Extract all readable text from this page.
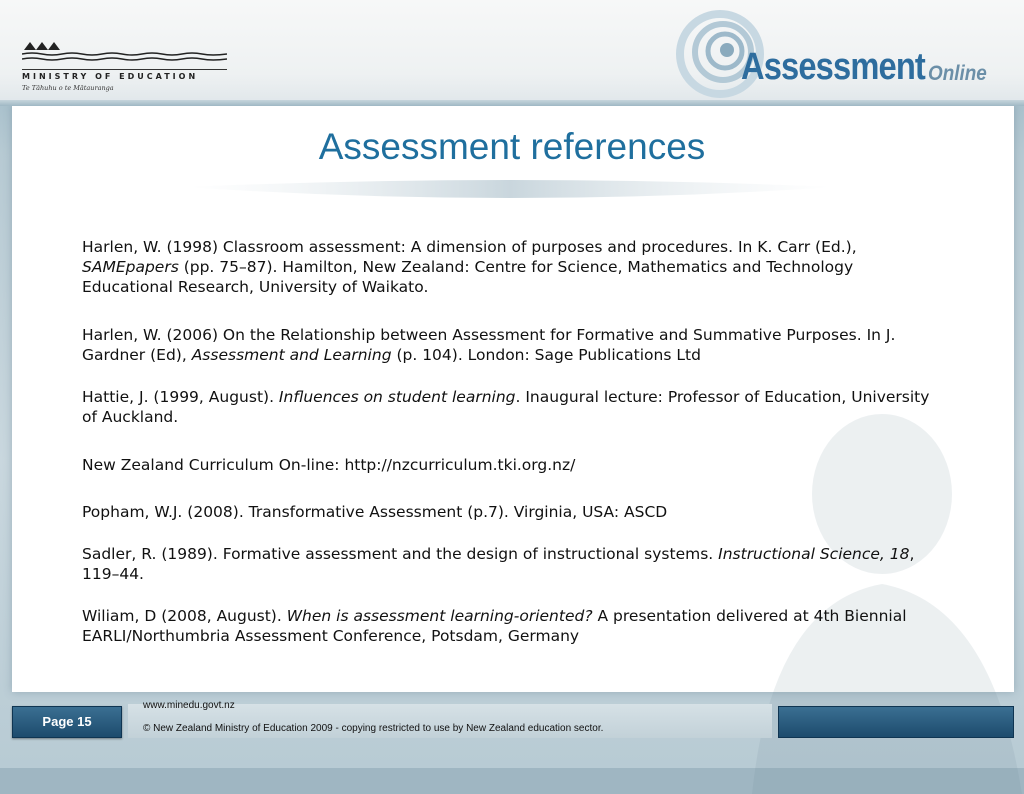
MINISTRY OF EDUCATION
Te Tāhuhu o te Mātauranga	Assessment Online
Assessment references

Harlen, W. (1998) Classroom assessment: A dimension of purposes and procedures. In K. Carr (Ed.), SAMEpapers (pp. 75–87). Hamilton, New Zealand: Centre for Science, Mathematics and Technology Educational Research, University of Waikato.

Harlen, W. (2006) On the Relationship between Assessment for Formative and Summative Purposes. In J. Gardner (Ed), Assessment and Learning (p. 104). London: Sage Publications Ltd

Hattie, J. (1999, August). Influences on student learning. Inaugural lecture: Professor of Education, University of Auckland.

New Zealand Curriculum On-line: http://nzcurriculum.tki.org.nz/

Popham, W.J. (2008). Transformative Assessment (p.7). Virginia, USA: ASCD

Sadler, R. (1989). Formative assessment and the design of instructional systems. Instructional Science, 18, 119–44.

Wiliam, D (2008, August). When is assessment learning-oriented? A presentation delivered at 4th Biennial EARLI/Northumbria Assessment Conference, Potsdam, Germany

Page 15
www.minedu.govt.nz
© New Zealand Ministry of Education 2009 - copying restricted to use by New Zealand education sector.
